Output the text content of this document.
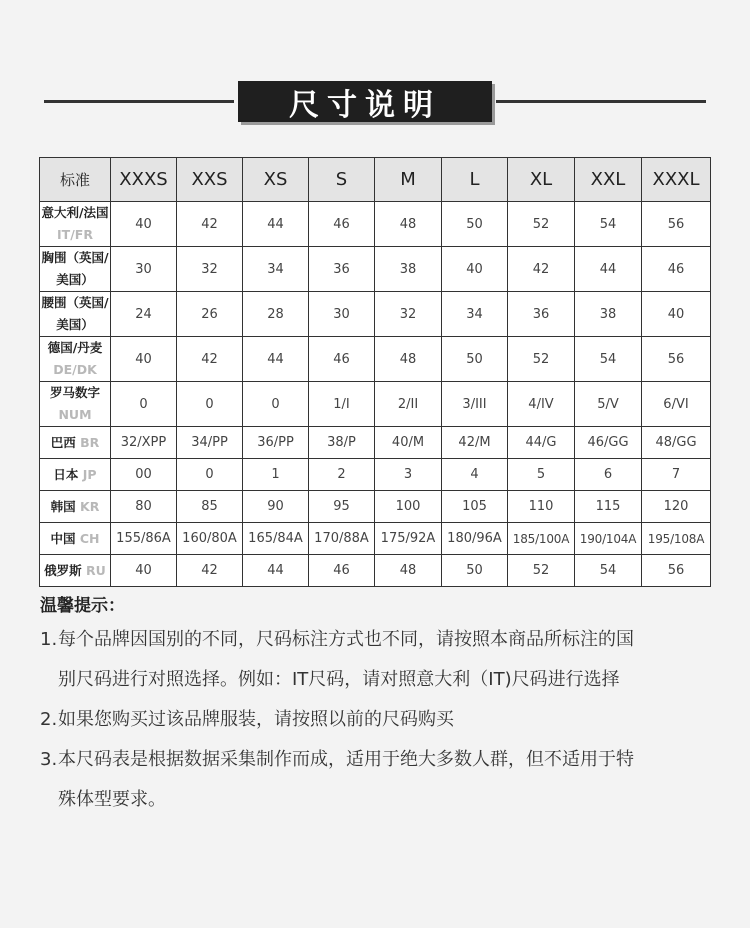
尺寸说明
标准	XXXS	XXS	XS	S	M	L	XL	XXL	XXXL
意大利/法国 IT/FR	40	42	44	46	48	50	52	54	56
胸围（英国/美国）	30	32	34	36	38	40	42	44	46
腰围（英国/美国）	24	26	28	30	32	34	36	38	40
德国/丹麦 DE/DK	40	42	44	46	48	50	52	54	56
罗马数字 NUM	0	0	0	1/I	2/II	3/III	4/IV	5/V	6/VI
巴西 BR	32/XPP	34/PP	36/PP	38/P	40/M	42/M	44/G	46/GG	48/GG
日本 JP	00	0	1	2	3	4	5	6	7
韩国 KR	80	85	90	95	100	105	110	115	120
中国 CH	155/86A	160/80A	165/84A	170/88A	175/92A	180/96A	185/100A	190/104A	195/108A
俄罗斯 RU	40	42	44	46	48	50	52	54	56
温馨提示：
1. 每个品牌因国别的不同，尺码标注方式也不同，请按照本商品所标注的国
别尺码进行对照选择。例如：IT尺码，请对照意大利（IT)尺码进行选择
2. 如果您购买过该品牌服装，请按照以前的尺码购买
3. 本尺码表是根据数据采集制作而成，适用于绝大多数人群，但不适用于特
殊体型要求。
